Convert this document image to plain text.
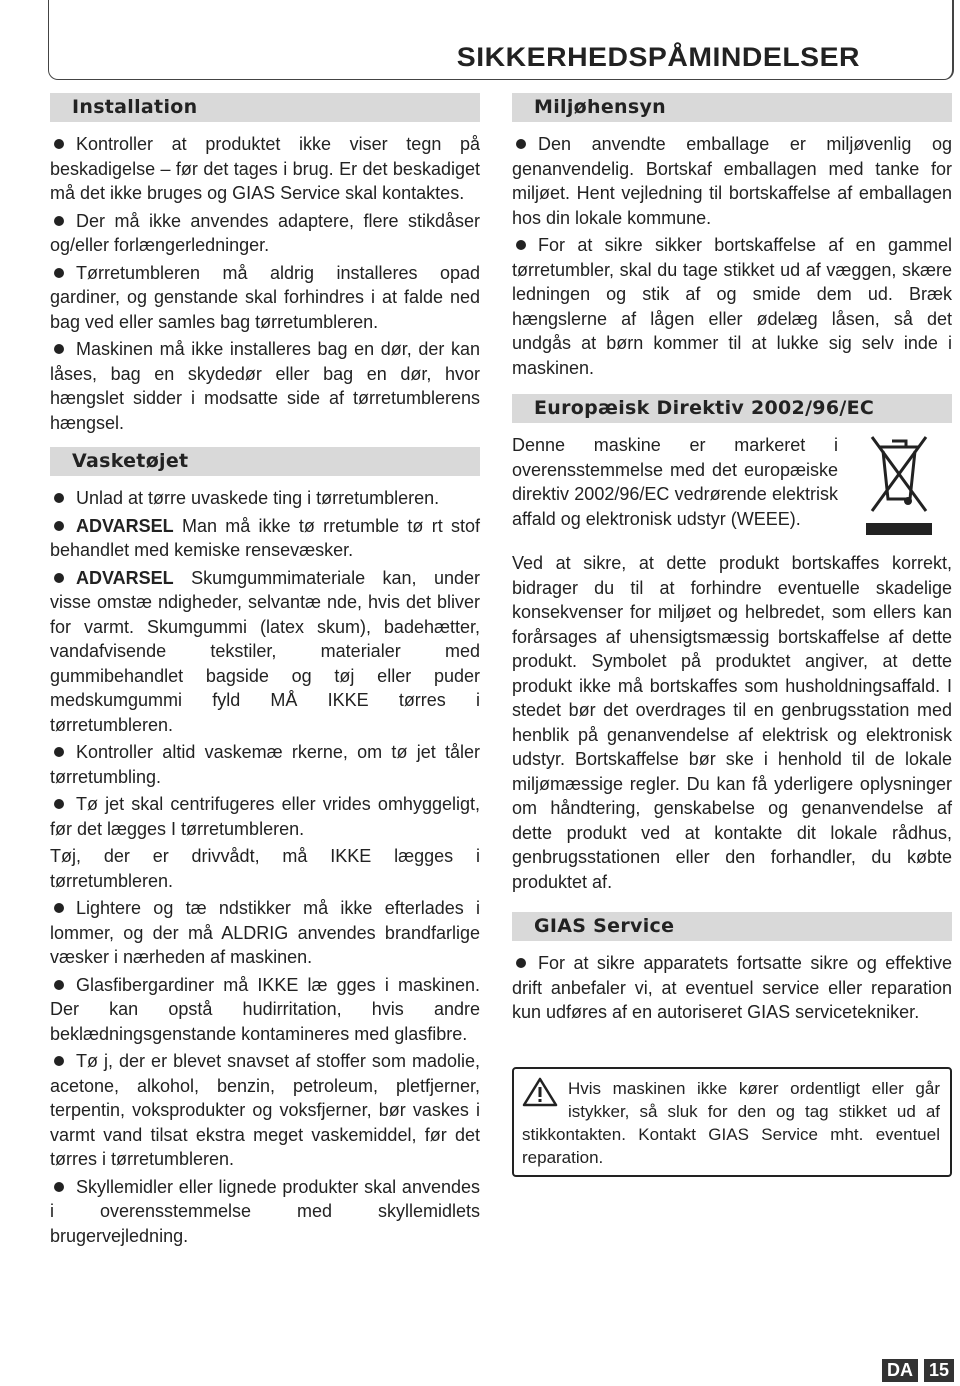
SIKKERHEDSPÅMINDELSER
Installation

Kontroller at produktet ikke viser tegn på beskadigelse – før det tages i brug. Er det beskadiget må det ikke bruges og GIAS Service skal kontaktes.

Der må ikke anvendes adaptere, flere stikdåser og/eller forlængerledninger.

Tørretumbleren må aldrig installeres opad gardiner, og genstande skal forhindres i at falde ned bag ved eller samles bag tørretumbleren.

Maskinen må ikke installeres bag en dør, der kan låses, bag en skydedør eller bag en dør, hvor hængslet sidder i modsatte side af tørretumblerens hængsel.

Vasketøjet

Unlad at tørre uvaskede ting i tørretumbleren.

ADVARSEL Man må ikke tø rretumble tø rt stof behandlet med kemiske rensevæsker.

ADVARSEL Skumgummimateriale kan, under visse omstæ ndigheder, selvantæ nde, hvis det bliver for varmt. Skumgummi (latex skum), badehætter, vandafvisende tekstiler, materialer med gummibehandlet bagside og tøj eller puder medskumgummi fyld MÅ IKKE tørres i tørretumbleren.

Kontroller altid vaskemæ rkerne, om tø jet tåler tørretumbling.

Tø jet skal centrifugeres eller vrides omhyggeligt, før det lægges I tørretumbleren.

Tøj, der er drivvådt, må IKKE lægges i tørretumbleren.

Lightere og tæ ndstikker må ikke efterlades i lommer, og der må ALDRIG anvendes brandfarlige væsker i nærheden af maskinen.

Glasfibergardiner må IKKE læ gges i maskinen. Der kan opstå hudirritation, hvis andre beklædningsgenstande kontamineres med glasfibre.

Tø j, der er blevet snavset af stoffer som madolie, acetone, alkohol, benzin, petroleum, pletfjerner, terpentin, voksprodukter og voksfjerner, bør vaskes i varmt vand tilsat ekstra meget vaskemiddel, før det tørres i tørretumbleren.

Skyllemidler eller lignede produkter skal anvendes i overensstemmelse med skyllemidlets brugervejledning.

Miljøhensyn

Den anvendte emballage er miljøvenlig og genanvendelig. Bortskaf emballagen med tanke for miljøet. Hent vejledning til bortskaffelse af emballagen hos din lokale kommune.

For at sikre sikker bortskaffelse af en gammel tørretumbler, skal du tage stikket ud af væggen, skære ledningen og stik af og smide dem ud. Bræk hængslerne af lågen eller ødelæg låsen, så det undgås at børn kommer til at lukke sig selv inde i maskinen.

Europæisk Direktiv 2002/96/EC

Denne maskine er markeret i overensstemmelse med det europæiske direktiv 2002/96/EC vedrørende elektrisk affald og elektronisk udstyr (WEEE).

Ved at sikre, at dette produkt bortskaffes korrekt, bidrager du til at forhindre eventuelle skadelige konsekvenser for miljøet og helbredet, som ellers kan forårsages af uhensigtsmæssig bortskaffelse af dette produkt. Symbolet på produktet angiver, at dette produkt ikke må bortskaffes som husholdningsaffald. I stedet bør det overdrages til en genbrugsstation med henblik på genanvendelse af elektrisk og elektronisk udstyr. Bortskaffelse bør ske i henhold til de lokale miljømæssige regler. Du kan få yderligere oplysninger om håndtering, genskabelse og genanvendelse af dette produkt ved at kontakte dit lokale rådhus, genbrugsstationen eller den forhandler, du købte produktet af.

GIAS Service

For at sikre apparatets fortsatte sikre og effektive drift anbefaler vi, at eventuel service eller reparation kun udføres af en autoriseret GIAS servicetekniker.

Hvis maskinen ikke kører ordentligt eller går istykker, så sluk for den og tag stikket ud af stikkontakten. Kontakt GIAS Service mht. eventuel reparation.
DA 15
